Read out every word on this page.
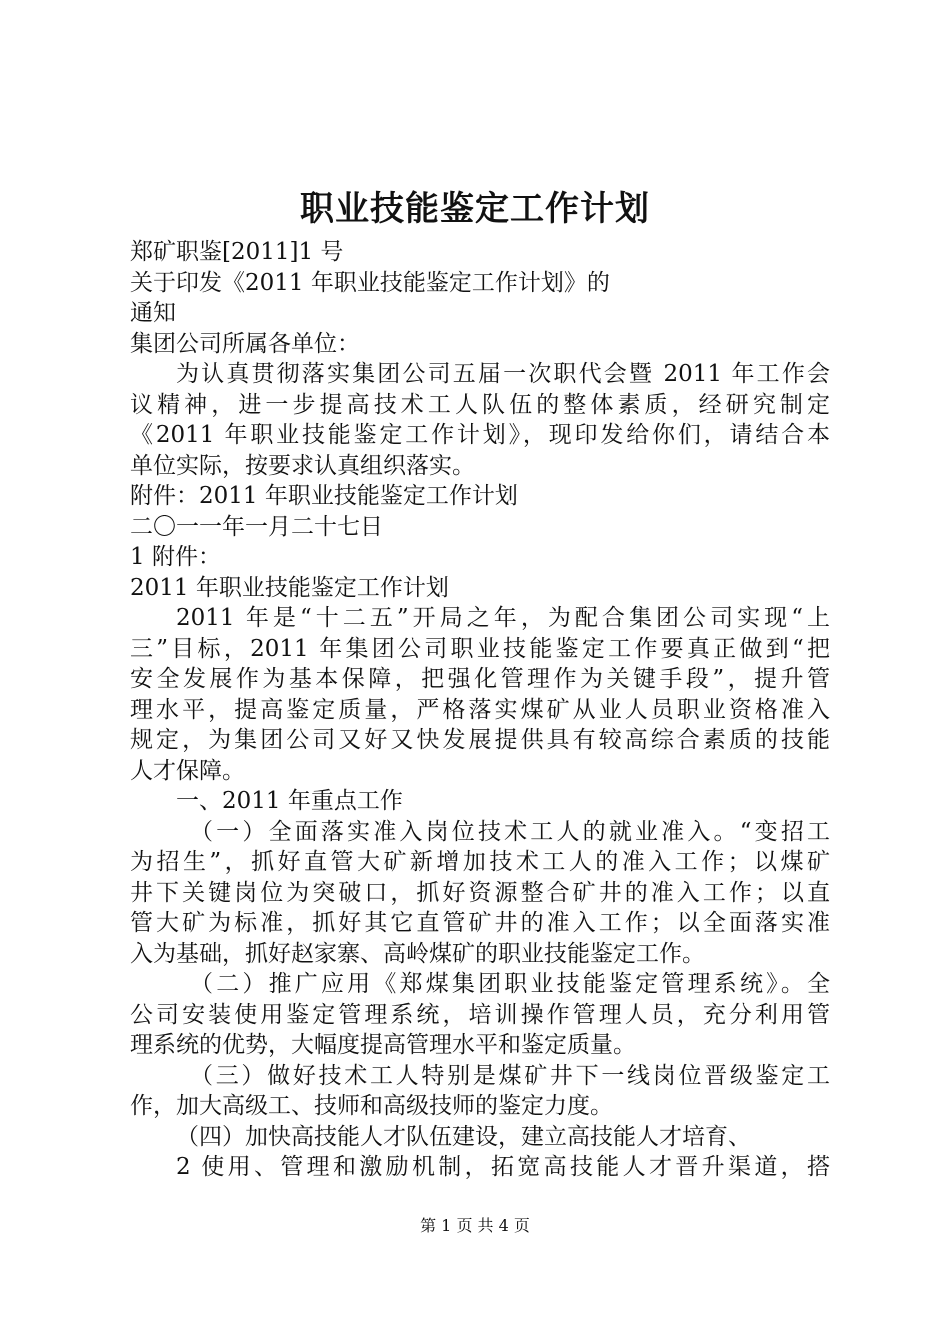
职业技能鉴定工作计划
郑矿职鉴[2011]1 号
关于印发《2011 年职业技能鉴定工作计划》的
通知
集团公司所属各单位：
为认真贯彻落实集团公司五届一次职代会暨 2011 年工作会
议精神，进一步提高技术工人队伍的整体素质，经研究制定
《2011 年职业技能鉴定工作计划》，现印发给你们，请结合本
单位实际，按要求认真组织落实。
附件：2011 年职业技能鉴定工作计划
二〇一一年一月二十七日
1 附件：
2011 年职业技能鉴定工作计划
2011 年是“十二五”开局之年，为配合集团公司实现“上
三”目标，2011 年集团公司职业技能鉴定工作要真正做到“把
安全发展作为基本保障，把强化管理作为关键手段”，提升管
理水平，提高鉴定质量，严格落实煤矿从业人员职业资格准入
规定，为集团公司又好又快发展提供具有较高综合素质的技能
人才保障。
一、2011 年重点工作
（一）全面落实准入岗位技术工人的就业准入。“变招工
为招生”，抓好直管大矿新增加技术工人的准入工作；以煤矿
井下关键岗位为突破口，抓好资源整合矿井的准入工作；以直
管大矿为标准，抓好其它直管矿井的准入工作；以全面落实准
入为基础，抓好赵家寨、高岭煤矿的职业技能鉴定工作。
（二）推广应用《郑煤集团职业技能鉴定管理系统》。全
公司安装使用鉴定管理系统，培训操作管理人员，充分利用管
理系统的优势，大幅度提高管理水平和鉴定质量。
（三）做好技术工人特别是煤矿井下一线岗位晋级鉴定工
作，加大高级工、技师和高级技师的鉴定力度。
（四）加快高技能人才队伍建设，建立高技能人才培育、
2 使用、管理和激励机制，拓宽高技能人才晋升渠道，搭
第 1 页 共 4 页
